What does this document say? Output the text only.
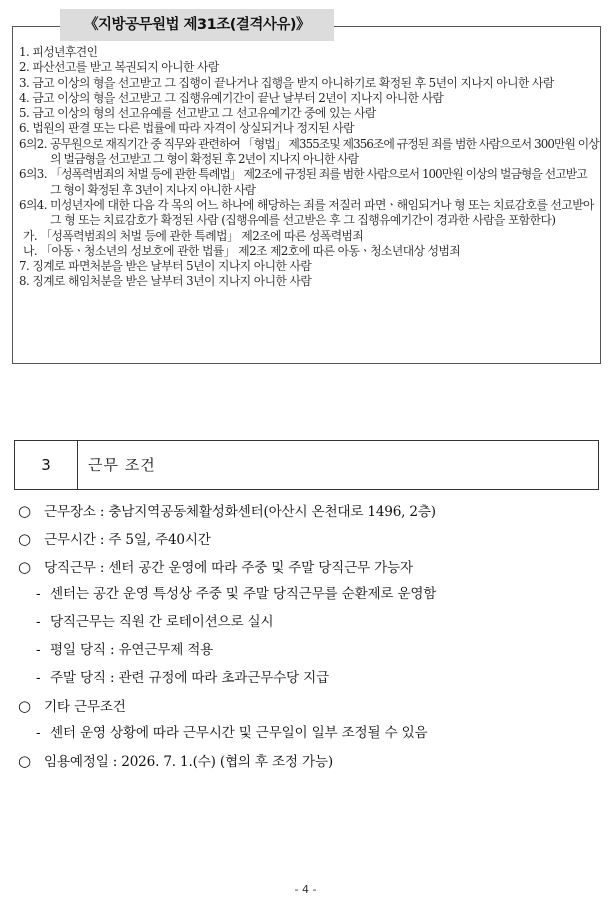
《지방공무원법 제31조(결격사유)》
1. 피성년후견인
2. 파산선고를 받고 복권되지 아니한 사람
3. 금고 이상의 형을 선고받고 그 집행이 끝나거나 집행을 받지 아니하기로 확정된 후 5년이 지나지 아니한 사람
4. 금고 이상의 형을 선고받고 그 집행유예기간이 끝난 날부터 2년이 지나지 아니한 사람
5. 금고 이상의 형의 선고유예를 선고받고 그 선고유예기간 중에 있는 사람
6. 법원의 판결 또는 다른 법률에 따라 자격이 상실되거나 정지된 사람
6의2. 공무원으로 재직기간 중 직무와 관련하여 「형법」 제355조및 제356조에 규정된 죄를 범한 사람으로서 300만원 이상의 벌금형을 선고받고 그 형이 확정된 후 2년이 지나지 아니한 사람
6의3. 「성폭력범죄의 처벌 등에 관한 특례법」 제2조에 규정된 죄를 범한 사람으로서 100만원 이상의 벌금형을 선고받고 그 형이 확정된 후 3년이 지나지 아니한 사람
6의4. 미성년자에 대한 다음 각 목의 어느 하나에 해당하는 죄를 저질러 파면ㆍ해임되거나 형 또는 치료감호를 선고받아 그 형 또는 치료감호가 확정된 사람 (집행유예를 선고받은 후 그 집행유예기간이 경과한 사람을 포함한다)
가. 「성폭력범죄의 처벌 등에 관한 특례법」 제2조에 따른 성폭력범죄
나. 「아동ㆍ청소년의 성보호에 관한 법률」 제2조 제2호에 따른 아동ㆍ청소년대상 성범죄
7. 징계로 파면처분을 받은 날부터 5년이 지나지 아니한 사람
8. 징계로 해임처분을 받은 날부터 3년이 지나지 아니한 사람
3	근무 조건
○ 근무장소 : 충남지역공동체활성화센터(아산시 온천대로 1496, 2층)
○ 근무시간 : 주 5일, 주40시간
○ 당직근무 : 센터 공간 운영에 따라 주중 및 주말 당직근무 가능자
- 센터는 공간 운영 특성상 주중 및 주말 당직근무를 순환제로 운영함
- 당직근무는 직원 간 로테이션으로 실시
- 평일 당직 : 유연근무제 적용
- 주말 당직 : 관련 규정에 따라 초과근무수당 지급
○ 기타 근무조건
- 센터 운영 상황에 따라 근무시간 및 근무일이 일부 조정될 수 있음
○ 임용예정일 : 2026. 7. 1.(수) (협의 후 조정 가능)
- 4 -
